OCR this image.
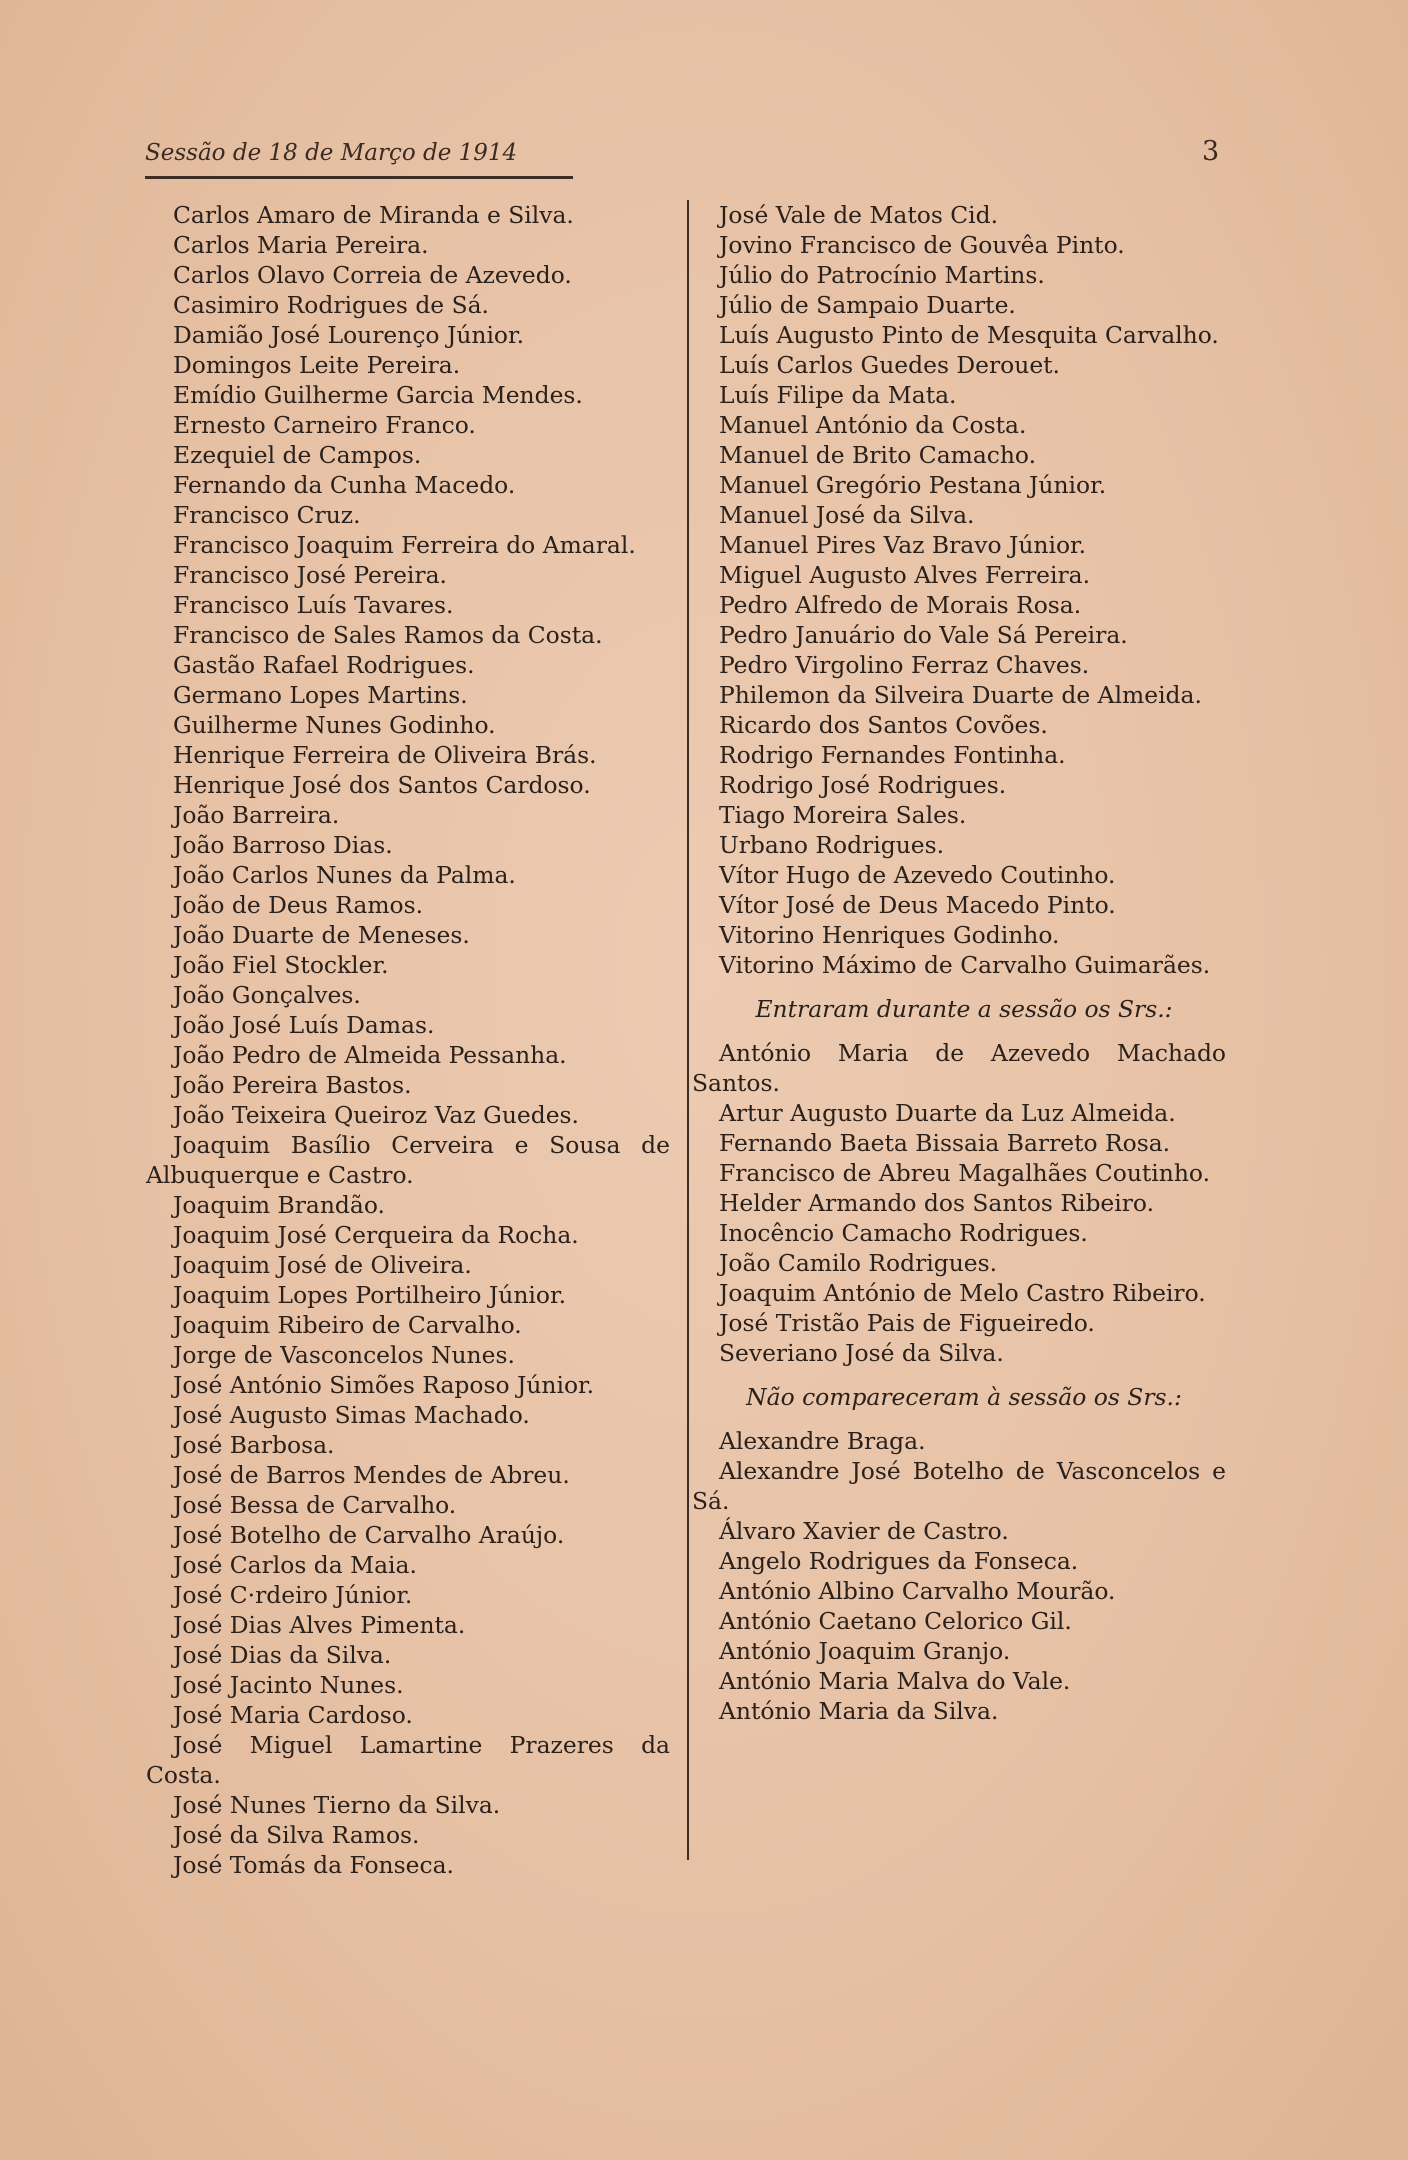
Sessão de 18 de Março de 1914	3

Carlos Amaro de Miranda e Silva.

Carlos Maria Pereira.

Carlos Olavo Correia de Azevedo.

Casimiro Rodrigues de Sá.

Damião José Lourenço Júnior.

Domingos Leite Pereira.

Emídio Guilherme Garcia Mendes.

Ernesto Carneiro Franco.

Ezequiel de Campos.

Fernando da Cunha Macedo.

Francisco Cruz.

Francisco Joaquim Ferreira do Amaral.

Francisco José Pereira.

Francisco Luís Tavares.

Francisco de Sales Ramos da Costa.

Gastão Rafael Rodrigues.

Germano Lopes Martins.

Guilherme Nunes Godinho.

Henrique Ferreira de Oliveira Brás.

Henrique José dos Santos Cardoso.

João Barreira.

João Barroso Dias.

João Carlos Nunes da Palma.

João de Deus Ramos.

João Duarte de Meneses.

João Fiel Stockler.

João Gonçalves.

João José Luís Damas.

João Pedro de Almeida Pessanha.

João Pereira Bastos.

João Teixeira Queiroz Vaz Guedes.

Joaquim Basílio Cerveira e Sousa de Albuquerque e Castro.

Joaquim Brandão.

Joaquim José Cerqueira da Rocha.

Joaquim José de Oliveira.

Joaquim Lopes Portilheiro Júnior.

Joaquim Ribeiro de Carvalho.

Jorge de Vasconcelos Nunes.

José António Simões Raposo Júnior.

José Augusto Simas Machado.

José Barbosa.

José de Barros Mendes de Abreu.

José Bessa de Carvalho.

José Botelho de Carvalho Araújo.

José Carlos da Maia.

José C·rdeiro Júnior.

José Dias Alves Pimenta.

José Dias da Silva.

José Jacinto Nunes.

José Maria Cardoso.

José Miguel Lamartine Prazeres da Costa.

José Nunes Tierno da Silva.

José da Silva Ramos.

José Tomás da Fonseca.

José Vale de Matos Cid.

Jovino Francisco de Gouvêa Pinto.

Júlio do Patrocínio Martins.

Júlio de Sampaio Duarte.

Luís Augusto Pinto de Mesquita Carvalho.

Luís Carlos Guedes Derouet.

Luís Filipe da Mata.

Manuel António da Costa.

Manuel de Brito Camacho.

Manuel Gregório Pestana Júnior.

Manuel José da Silva.

Manuel Pires Vaz Bravo Júnior.

Miguel Augusto Alves Ferreira.

Pedro Alfredo de Morais Rosa.

Pedro Januário do Vale Sá Pereira.

Pedro Virgolino Ferraz Chaves.

Philemon da Silveira Duarte de Almeida.

Ricardo dos Santos Covões.

Rodrigo Fernandes Fontinha.

Rodrigo José Rodrigues.

Tiago Moreira Sales.

Urbano Rodrigues.

Vítor Hugo de Azevedo Coutinho.

Vítor José de Deus Macedo Pinto.

Vitorino Henriques Godinho.

Vitorino Máximo de Carvalho Guimarães.

Entraram durante a sessão os Srs.:

António Maria de Azevedo Machado Santos.

Artur Augusto Duarte da Luz Almeida.

Fernando Baeta Bissaia Barreto Rosa.

Francisco de Abreu Magalhães Coutinho.

Helder Armando dos Santos Ribeiro.

Inocêncio Camacho Rodrigues.

João Camilo Rodrigues.

Joaquim António de Melo Castro Ribeiro.

José Tristão Pais de Figueiredo.

Severiano José da Silva.

Não compareceram à sessão os Srs.:

Alexandre Braga.

Alexandre José Botelho de Vasconcelos e Sá.

Álvaro Xavier de Castro.

Angelo Rodrigues da Fonseca.

António Albino Carvalho Mourão.

António Caetano Celorico Gil.

António Joaquim Granjo.

António Maria Malva do Vale.

António Maria da Silva.
